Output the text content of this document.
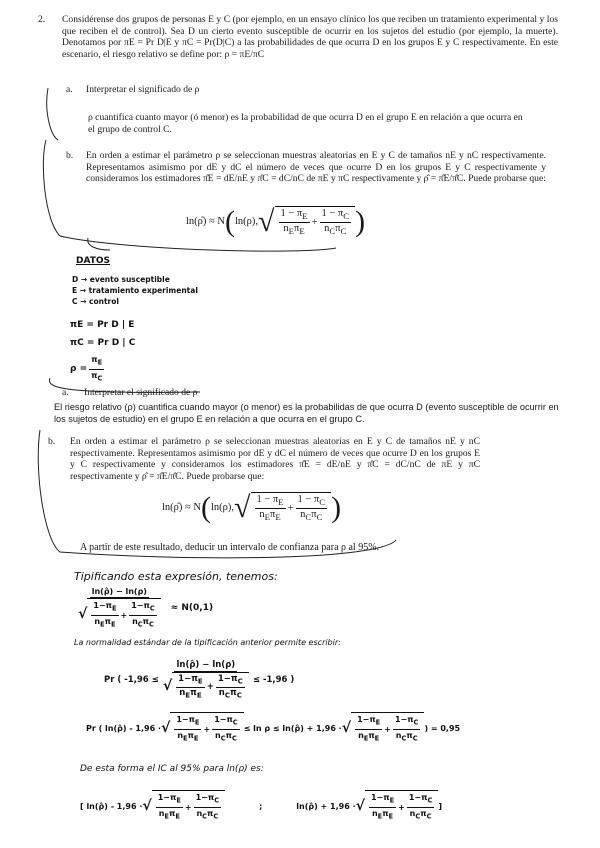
2. Considérense dos grupos de personas E y C (por ejemplo, en un ensayo clínico los que reciben un tratamiento experimental y los que reciben el de control). Sea D un cierto evento susceptible de ocurrir en los sujetos del estudio (por ejemplo, la muerte). Denotamos por πE = Pr D|E y πC = Pr(D|C) a las probabilidades de que ocurra D en los grupos E y C respectivamente. En este escenario, el riesgo relativo se define por: ρ = πE/πC
a. Interpretar el significado de ρ
ρ cuantifica cuanto mayor (ó menor) es la probabilidad de que ocurra D en el grupo E en relación a que ocurra en el grupo de control C.
b. En orden a estimar el parámetro ρ se seleccionan muestras aleatorias en E y C de tamaños nE y nC respectivamente. Representamos asimismo por dE y dC el número de veces que ocurre D en los grupos E y C respectivamente y consideramos los estimadores π̂E = dE/nE y π̂C = dC/nC de πE y πC respectivamente y ρ̂ = π̂E/π̂C. Puede probarse que:
ln(ρ̂) ≈ N ( ln(ρ), √ $\frac{1 - \pi_E}{n_E\pi_E} + \frac{1 - \pi_C}{n_C\pi_C}$ )
DATOS
D → evento susceptible
E → tratamiento experimental
C → control
πE = Pr D | E
πC = Pr D | C
$\rho = \frac{\pi_E}{\pi_C}$
a. Interpretar el significado de ρ
El riesgo relativo (ρ) cuantifica cuando mayor (o menor) es la probabilidas de que ocurra D (evento susceptible de ocurrir en los sujetos de estudio) en el grupo E en relación a que ocurra en el grupo C.
b. En orden a estimar el parámetro ρ se seleccionan muestras aleatorias en E y C de tamaños nE y nC respectivamente. Representamos asimismo por dE y dC el número de veces que ocurre D en los grupos E y C respectivamente y consideramos los estimadores π̂E = dE/nE y π̂C = dC/nC de πE y πC respectivamente y ρ̂ = π̂E/π̂C. Puede probarse que:
ln(ρ̂) ≈ N ( ln(ρ), √ $\frac{1 - \pi_E}{n_E\pi_E} + \frac{1 - \pi_C}{n_C\pi_C}$ )
A partir de este resultado, deducir un intervalo de confianza para ρ al 95%.
Tipificando esta expresión, tenemos:
$\frac{\ln(\rhô) - \ln(\rho)}{√ \frac{1-\pi_E}{n_E\pi_E} + \frac{1-\pi_C}{n_C\pi_C}} \approx N(0,1)$
La normalidad estándar de la tipificación anterior permite escribir:
Pr ( $-1,96 \le \frac{\ln(\rhô) - \ln(\rho)}{√ \frac{1-\pi_E}{n_E\pi_E} + \frac{1-\pi_C}{n_C\pi_C}} \le -1,96$ )
Pr ( ln(ρ̂) - 1,96 · √ $\frac{1-\pi_E}{n_E\pi_E} + \frac{1-\pi_C}{n_C\pi_C} \le \ln \rho$ ≤ ln(ρ̂) + 1,96 · √ $\frac{1-\pi_E}{n_E\pi_E} + \frac{1-\pi_C}{n_C\pi_C}$ ) = 0,95
De esta forma el IC al 95% para ln(ρ) es:
[ ln(ρ̂) - 1,96 · √ $\frac{1-\pi_E}{n_E\pi_E} + \frac{1-\pi_C}{n_C\pi_C}$	;	ln(ρ̂) + 1,96 · √ $\frac{1-\pi_E}{n_E\pi_E} + \frac{1-\pi_C}{n_C\pi_C}$ ]
